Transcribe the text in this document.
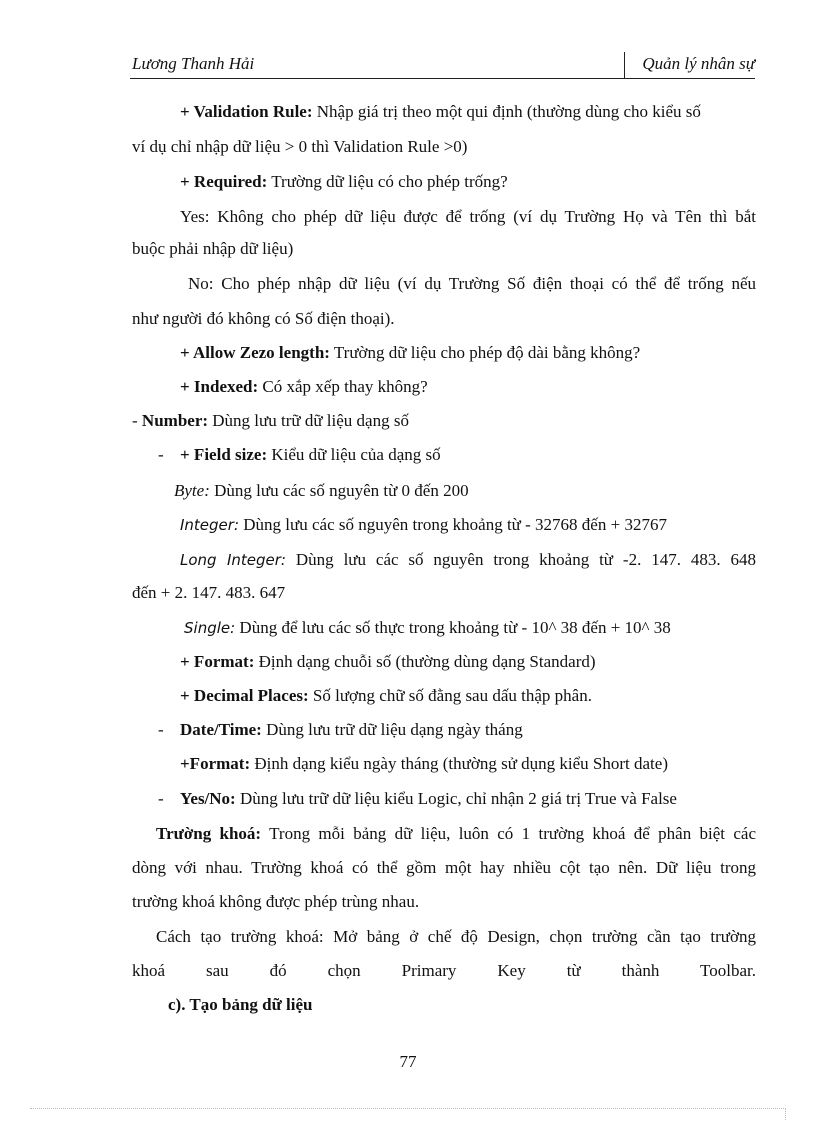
Lương Thanh Hải	Quản lý nhân sự
+ Validation Rule: Nhập giá trị theo một qui định (thường dùng cho kiểu số
ví dụ chỉ nhập dữ liệu > 0 thì Validation Rule >0)
+ Required: Trường dữ liệu có cho phép trống?
Yes: Không cho phép dữ liệu được để trống (ví dụ Trường Họ và Tên thì bắt
buộc phải nhập dữ liệu)
No: Cho phép nhập dữ liệu (ví dụ Trường Số điện thoại có thể để trống nếu
như người đó không có Số điện thoại).
+ Allow Zezo length: Trường dữ liệu cho phép độ dài bằng không?
+ Indexed: Có xắp xếp thay không?
- Number: Dùng lưu trữ dữ liệu dạng số
- + Field size: Kiểu dữ liệu của dạng số
Byte: Dùng lưu các số nguyên từ 0 đến 200
Integer: Dùng lưu các số nguyên trong khoảng từ - 32768 đến + 32767
Long Integer: Dùng lưu các số nguyên trong khoảng từ -2. 147. 483. 648
đến + 2. 147. 483. 647
Single: Dùng để lưu các số thực trong khoảng từ - 10^ 38 đến + 10^ 38
+ Format: Định dạng chuỗi số (thường dùng dạng Standard)
+ Decimal Places: Số lượng chữ số đằng sau dấu thập phân.
- Date/Time: Dùng lưu trữ dữ liệu dạng ngày tháng
+Format: Định dạng kiểu ngày tháng (thường sử dụng kiểu Short date)
- Yes/No: Dùng lưu trữ dữ liệu kiểu Logic, chỉ nhận 2 giá trị True và False
Trường khoá: Trong mỗi bảng dữ liệu, luôn có 1 trường khoá để phân biệt các
dòng với nhau. Trường khoá có thể gồm một hay nhiều cột tạo nên. Dữ liệu trong
trường khoá không được phép trùng nhau.
Cách tạo trường khoá: Mở bảng ở chế độ Design, chọn trường cần tạo trường
khoá sau đó chọn Primary Key từ thành Toolbar.
c). Tạo bảng dữ liệu
77
